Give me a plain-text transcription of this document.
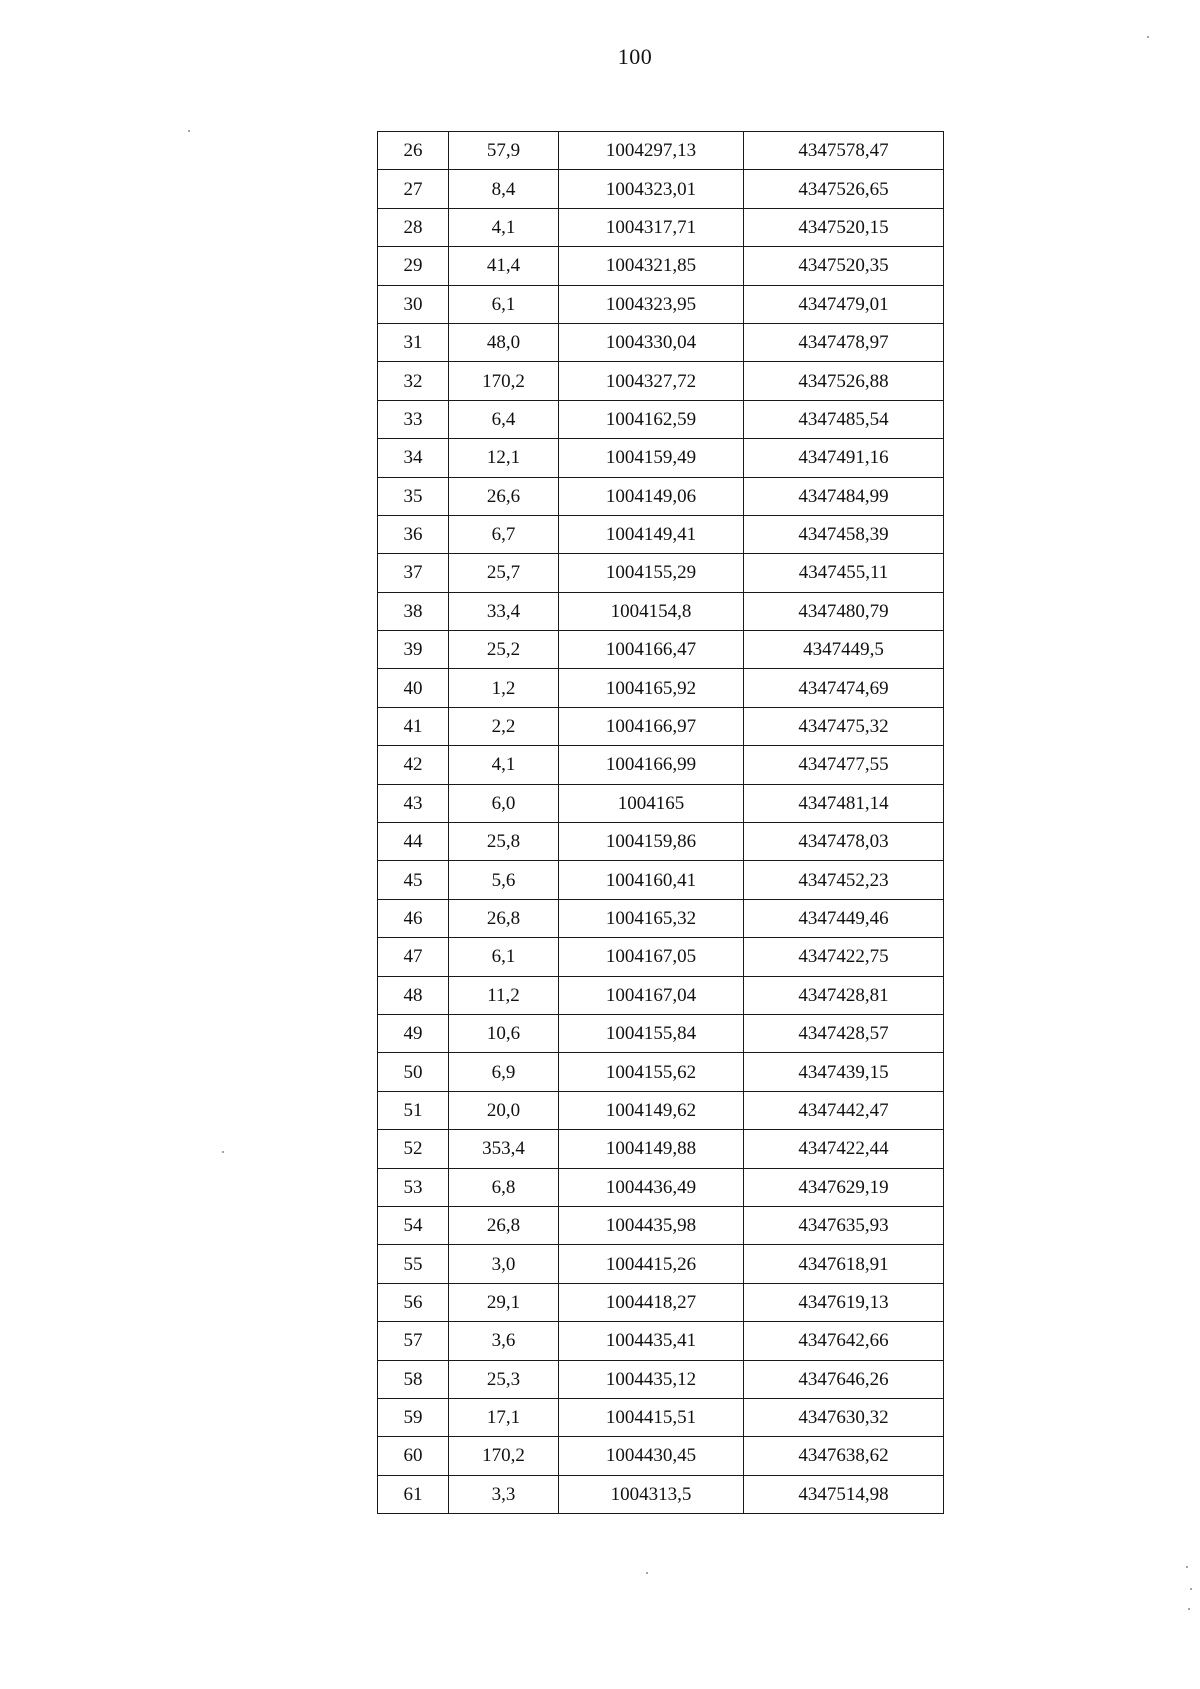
100
26	57,9	1004297,13	4347578,47
27	8,4	1004323,01	4347526,65
28	4,1	1004317,71	4347520,15
29	41,4	1004321,85	4347520,35
30	6,1	1004323,95	4347479,01
31	48,0	1004330,04	4347478,97
32	170,2	1004327,72	4347526,88
33	6,4	1004162,59	4347485,54
34	12,1	1004159,49	4347491,16
35	26,6	1004149,06	4347484,99
36	6,7	1004149,41	4347458,39
37	25,7	1004155,29	4347455,11
38	33,4	1004154,8	4347480,79
39	25,2	1004166,47	4347449,5
40	1,2	1004165,92	4347474,69
41	2,2	1004166,97	4347475,32
42	4,1	1004166,99	4347477,55
43	6,0	1004165	4347481,14
44	25,8	1004159,86	4347478,03
45	5,6	1004160,41	4347452,23
46	26,8	1004165,32	4347449,46
47	6,1	1004167,05	4347422,75
48	11,2	1004167,04	4347428,81
49	10,6	1004155,84	4347428,57
50	6,9	1004155,62	4347439,15
51	20,0	1004149,62	4347442,47
52	353,4	1004149,88	4347422,44
53	6,8	1004436,49	4347629,19
54	26,8	1004435,98	4347635,93
55	3,0	1004415,26	4347618,91
56	29,1	1004418,27	4347619,13
57	3,6	1004435,41	4347642,66
58	25,3	1004435,12	4347646,26
59	17,1	1004415,51	4347630,32
60	170,2	1004430,45	4347638,62
61	3,3	1004313,5	4347514,98
